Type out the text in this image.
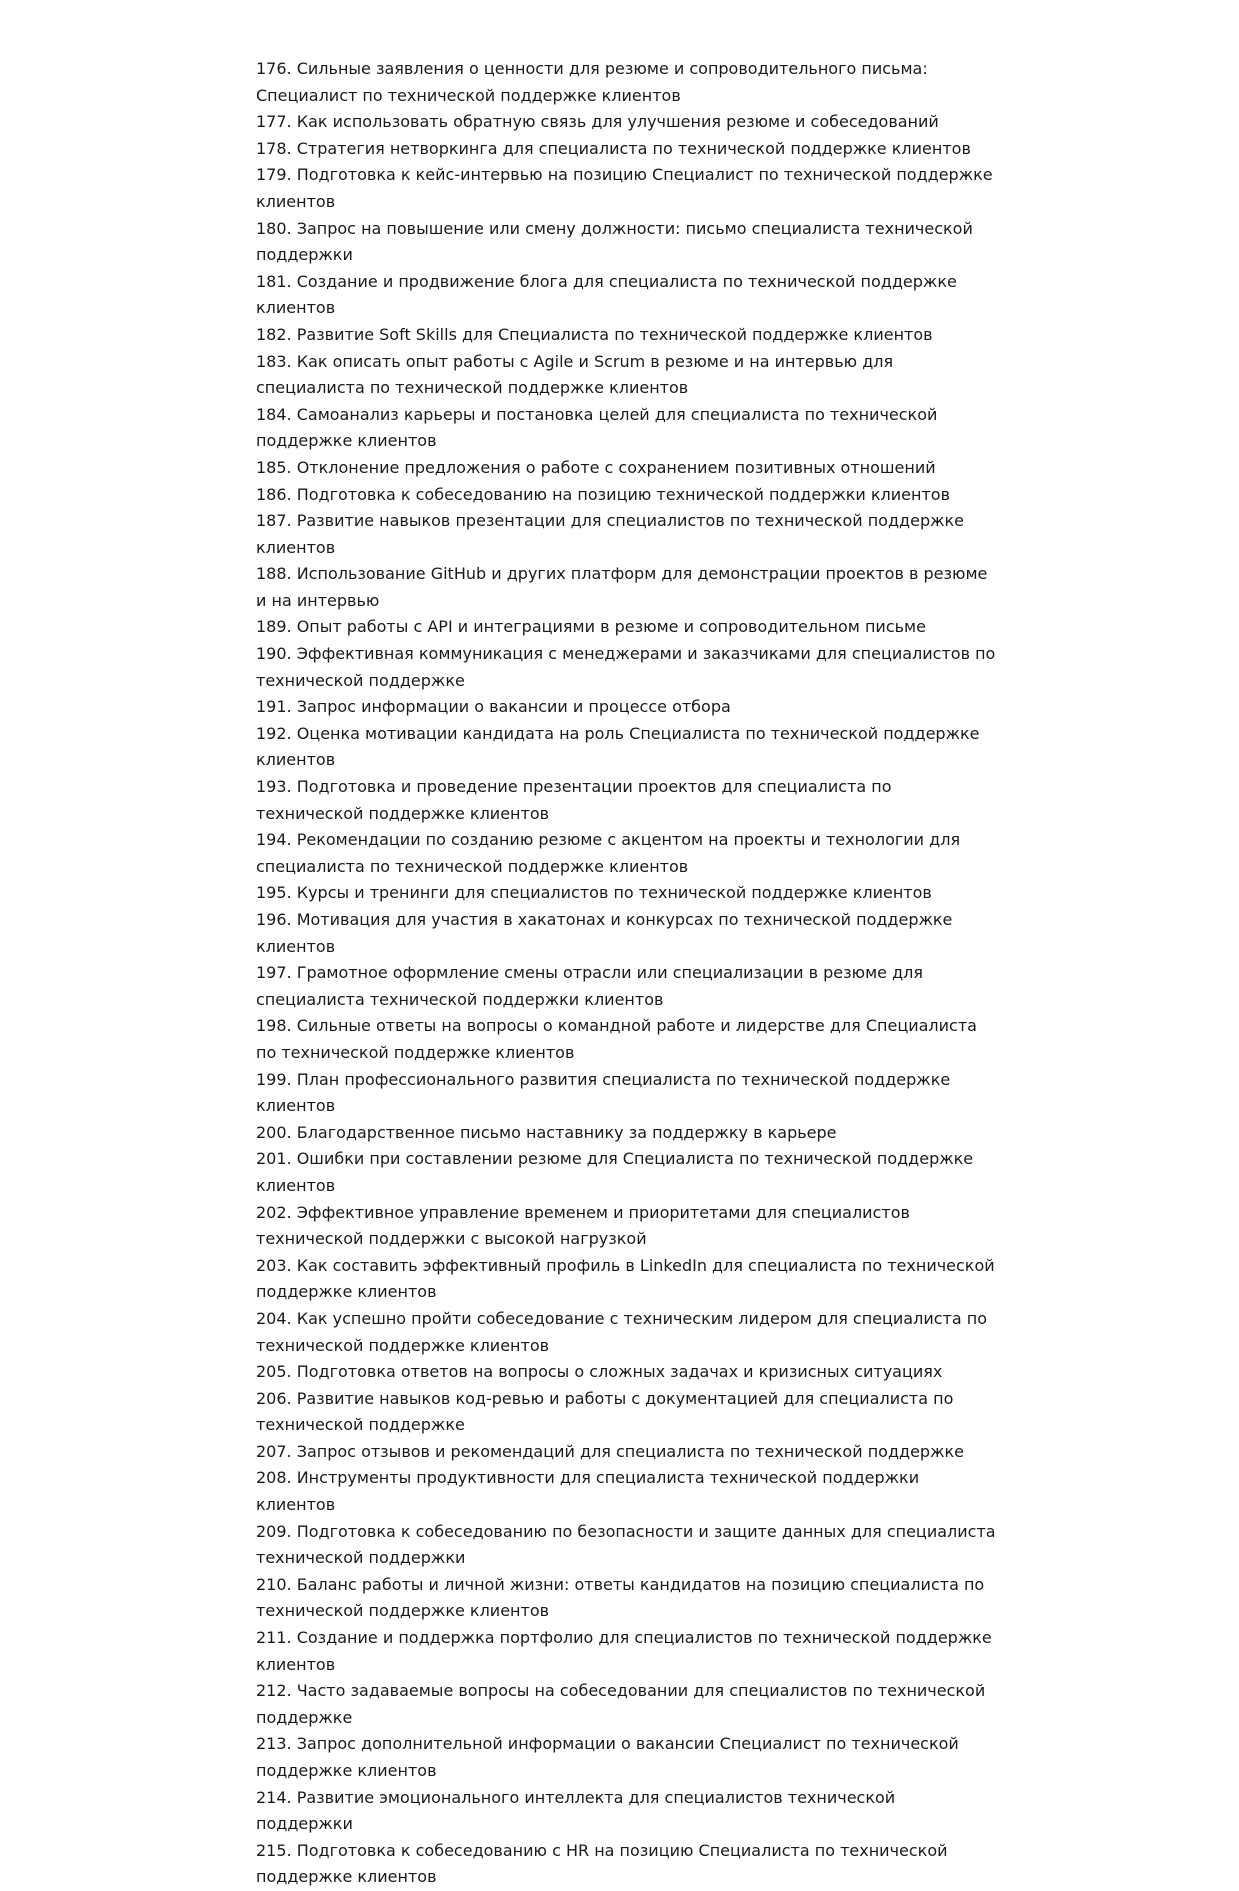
176. Сильные заявления о ценности для резюме и сопроводительного письма: Специалист по технической поддержке клиентов

177. Как использовать обратную связь для улучшения резюме и собеседований

178. Стратегия нетворкинга для специалиста по технической поддержке клиентов

179. Подготовка к кейс-интервью на позицию Специалист по технической поддержке клиентов

180. Запрос на повышение или смену должности: письмо специалиста технической поддержки

181. Создание и продвижение блога для специалиста по технической поддержке клиентов

182. Развитие Soft Skills для Специалиста по технической поддержке клиентов

183. Как описать опыт работы с Agile и Scrum в резюме и на интервью для специалиста по технической поддержке клиентов

184. Самоанализ карьеры и постановка целей для специалиста по технической поддержке клиентов

185. Отклонение предложения о работе с сохранением позитивных отношений

186. Подготовка к собеседованию на позицию технической поддержки клиентов

187. Развитие навыков презентации для специалистов по технической поддержке клиентов

188. Использование GitHub и других платформ для демонстрации проектов в резюме и на интервью

189. Опыт работы с API и интеграциями в резюме и сопроводительном письме

190. Эффективная коммуникация с менеджерами и заказчиками для специалистов по технической поддержке

191. Запрос информации о вакансии и процессе отбора

192. Оценка мотивации кандидата на роль Специалиста по технической поддержке клиентов

193. Подготовка и проведение презентации проектов для специалиста по технической поддержке клиентов

194. Рекомендации по созданию резюме с акцентом на проекты и технологии для специалиста по технической поддержке клиентов

195. Курсы и тренинги для специалистов по технической поддержке клиентов

196. Мотивация для участия в хакатонах и конкурсах по технической поддержке клиентов

197. Грамотное оформление смены отрасли или специализации в резюме для специалиста технической поддержки клиентов

198. Сильные ответы на вопросы о командной работе и лидерстве для Специалиста по технической поддержке клиентов

199. План профессионального развития специалиста по технической поддержке клиентов

200. Благодарственное письмо наставнику за поддержку в карьере

201. Ошибки при составлении резюме для Специалиста по технической поддержке клиентов

202. Эффективное управление временем и приоритетами для специалистов технической поддержки с высокой нагрузкой

203. Как составить эффективный профиль в LinkedIn для специалиста по технической поддержке клиентов

204. Как успешно пройти собеседование с техническим лидером для специалиста по технической поддержке клиентов

205. Подготовка ответов на вопросы о сложных задачах и кризисных ситуациях

206. Развитие навыков код-ревью и работы с документацией для специалиста по технической поддержке

207. Запрос отзывов и рекомендаций для специалиста по технической поддержке

208. Инструменты продуктивности для специалиста технической поддержки клиентов

209. Подготовка к собеседованию по безопасности и защите данных для специалиста технической поддержки

210. Баланс работы и личной жизни: ответы кандидатов на позицию специалиста по технической поддержке клиентов

211. Создание и поддержка портфолио для специалистов по технической поддержке клиентов

212. Часто задаваемые вопросы на собеседовании для специалистов по технической поддержке

213. Запрос дополнительной информации о вакансии Специалист по технической поддержке клиентов

214. Развитие эмоционального интеллекта для специалистов технической поддержки

215. Подготовка к собеседованию с HR на позицию Специалиста по технической поддержке клиентов
